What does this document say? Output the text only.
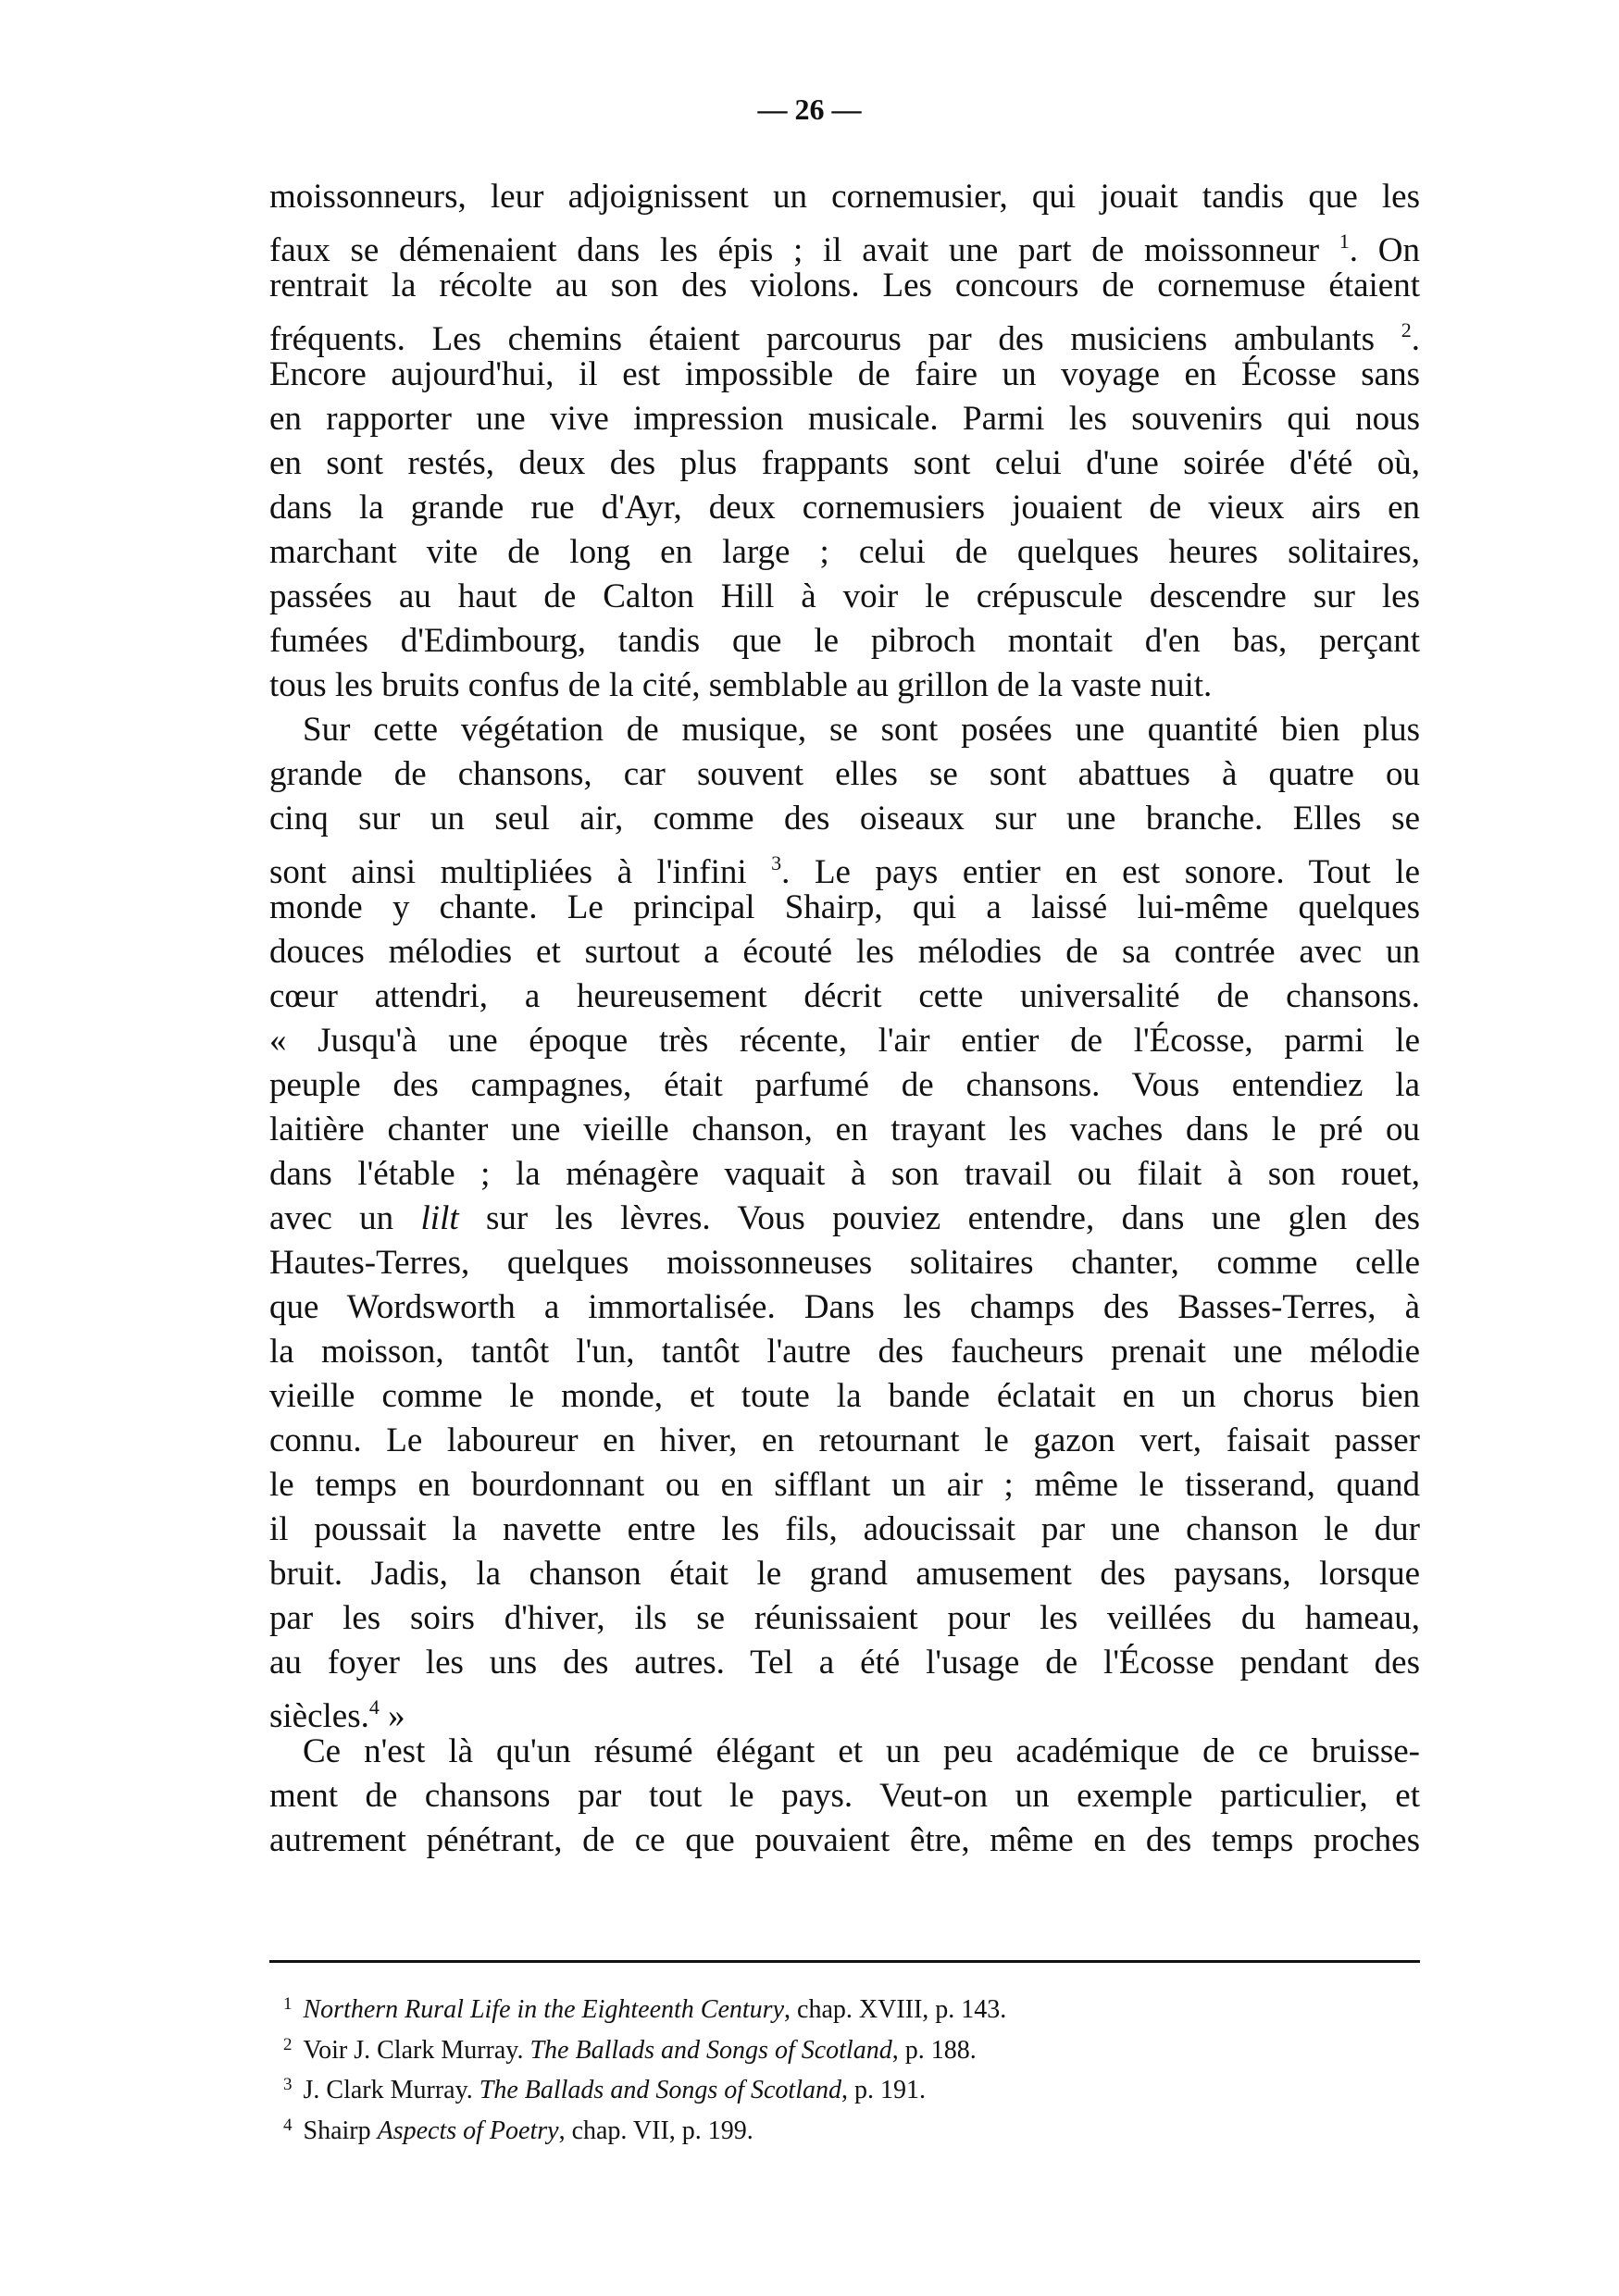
— 26 —
moissonneurs, leur adjoignissent un cornemusier, qui jouait tandis que les
faux se démenaient dans les épis ; il avait une part de moissonneur $^1$. On
rentrait la récolte au son des violons. Les concours de cornemuse étaient
fréquents. Les chemins étaient parcourus par des musiciens ambulants $^2$.
Encore aujourd'hui, il est impossible de faire un voyage en Écosse sans
en rapporter une vive impression musicale. Parmi les souvenirs qui nous
en sont restés, deux des plus frappants sont celui d'une soirée d'été où,
dans la grande rue d'Ayr, deux cornemusiers jouaient de vieux airs en
marchant vite de long en large ; celui de quelques heures solitaires,
passées au haut de Calton Hill à voir le crépuscule descendre sur les
fumées d'Edimbourg, tandis que le pibroch montait d'en bas, perçant
tous les bruits confus de la cité, semblable au grillon de la vaste nuit.
Sur cette végétation de musique, se sont posées une quantité bien plus
grande de chansons, car souvent elles se sont abattues à quatre ou
cinq sur un seul air, comme des oiseaux sur une branche. Elles se
sont ainsi multipliées à l'infini $^3$. Le pays entier en est sonore. Tout le
monde y chante. Le principal Shairp, qui a laissé lui-même quelques
douces mélodies et surtout a écouté les mélodies de sa contrée avec un
cœur attendri, a heureusement décrit cette universalité de chansons.
« Jusqu'à une époque très récente, l'air entier de l'Écosse, parmi le
peuple des campagnes, était parfumé de chansons. Vous entendiez la
laitière chanter une vieille chanson, en trayant les vaches dans le pré ou
dans l'étable ; la ménagère vaquait à son travail ou filait à son rouet,
avec un lilt sur les lèvres. Vous pouviez entendre, dans une glen des
Hautes-Terres, quelques moissonneuses solitaires chanter, comme celle
que Wordsworth a immortalisée. Dans les champs des Basses-Terres, à
la moisson, tantôt l'un, tantôt l'autre des faucheurs prenait une mélodie
vieille comme le monde, et toute la bande éclatait en un chorus bien
connu. Le laboureur en hiver, en retournant le gazon vert, faisait passer
le temps en bourdonnant ou en sifflant un air ; même le tisserand, quand
il poussait la navette entre les fils, adoucissait par une chanson le dur
bruit. Jadis, la chanson était le grand amusement des paysans, lorsque
par les soirs d'hiver, ils se réunissaient pour les veillées du hameau,
au foyer les uns des autres. Tel a été l'usage de l'Écosse pendant des
siècles.$^4$ »
Ce n'est là qu'un résumé élégant et un peu académique de ce bruisse-
ment de chansons par tout le pays. Veut-on un exemple particulier, et
autrement pénétrant, de ce que pouvaient être, même en des temps proches
$^1$ Northern Rural Life in the Eighteenth Century, chap. XVIII, p. 143.
$^2$ Voir J. Clark Murray. The Ballads and Songs of Scotland, p. 188.
$^3$ J. Clark Murray. The Ballads and Songs of Scotland, p. 191.
$^4$ Shairp Aspects of Poetry, chap. VII, p. 199.
